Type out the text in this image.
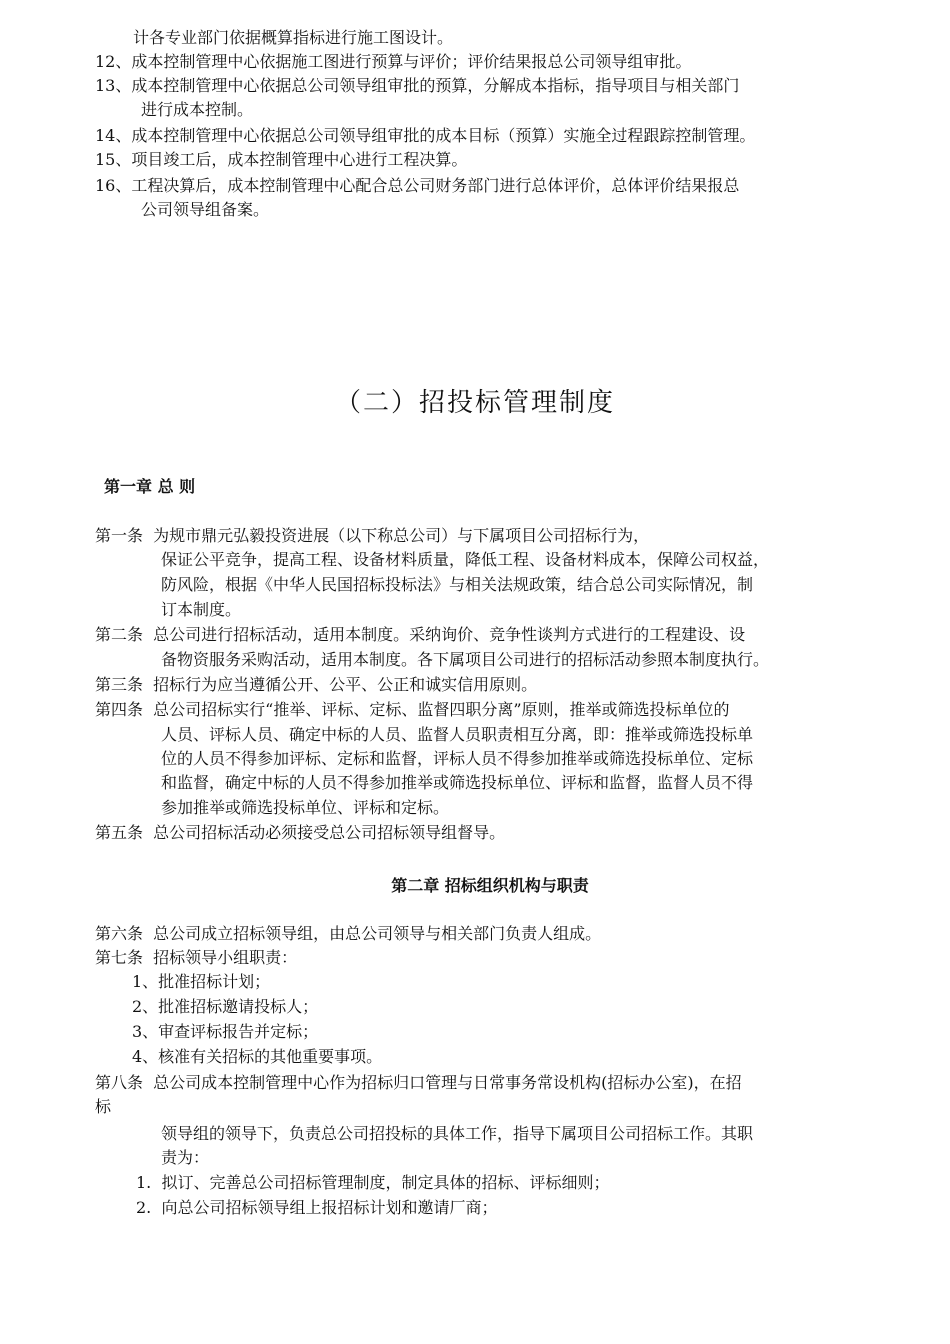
计各专业部门依据概算指标进行施工图设计。
12、成本控制管理中心依据施工图进行预算与评价；评价结果报总公司领导组审批。
13、成本控制管理中心依据总公司领导组审批的预算，分解成本指标，指导项目与相关部门
进行成本控制。
14、成本控制管理中心依据总公司领导组审批的成本目标（预算）实施全过程跟踪控制管理。
15、项目竣工后，成本控制管理中心进行工程决算。
16、工程决算后，成本控制管理中心配合总公司财务部门进行总体评价，总体评价结果报总
公司领导组备案。
（二）招投标管理制度
第一章 总 则
第一条  为规市鼎元弘毅投资进展（以下称总公司）与下属项目公司招标行为，
保证公平竞争，提高工程、设备材料质量，降低工程、设备材料成本，保障公司权益，
防风险，根据《中华人民国招标投标法》与相关法规政策，结合总公司实际情况，制
订本制度。
第二条  总公司进行招标活动，适用本制度。采纳询价、竞争性谈判方式进行的工程建设、设
备物资服务采购活动，适用本制度。各下属项目公司进行的招标活动参照本制度执行。
第三条  招标行为应当遵循公开、公平、公正和诚实信用原则。
第四条  总公司招标实行“推举、评标、定标、监督四职分离”原则，推举或筛选投标单位的
人员、评标人员、确定中标的人员、监督人员职责相互分离，即：推举或筛选投标单
位的人员不得参加评标、定标和监督，评标人员不得参加推举或筛选投标单位、定标
和监督，确定中标的人员不得参加推举或筛选投标单位、评标和监督，监督人员不得
参加推举或筛选投标单位、评标和定标。
第五条  总公司招标活动必须接受总公司招标领导组督导。
第二章 招标组织机构与职责
第六条  总公司成立招标领导组，由总公司领导与相关部门负责人组成。
第七条  招标领导小组职责：
1、批准招标计划；
2、批准招标邀请投标人；
3、审查评标报告并定标；
4、核准有关招标的其他重要事项。
第八条  总公司成本控制管理中心作为招标归口管理与日常事务常设机构(招标办公室)，在招
标
领导组的领导下，负责总公司招投标的具体工作，指导下属项目公司招标工作。其职
责为：
1.  拟订、完善总公司招标管理制度，制定具体的招标、评标细则；
2.  向总公司招标领导组上报招标计划和邀请厂商；
